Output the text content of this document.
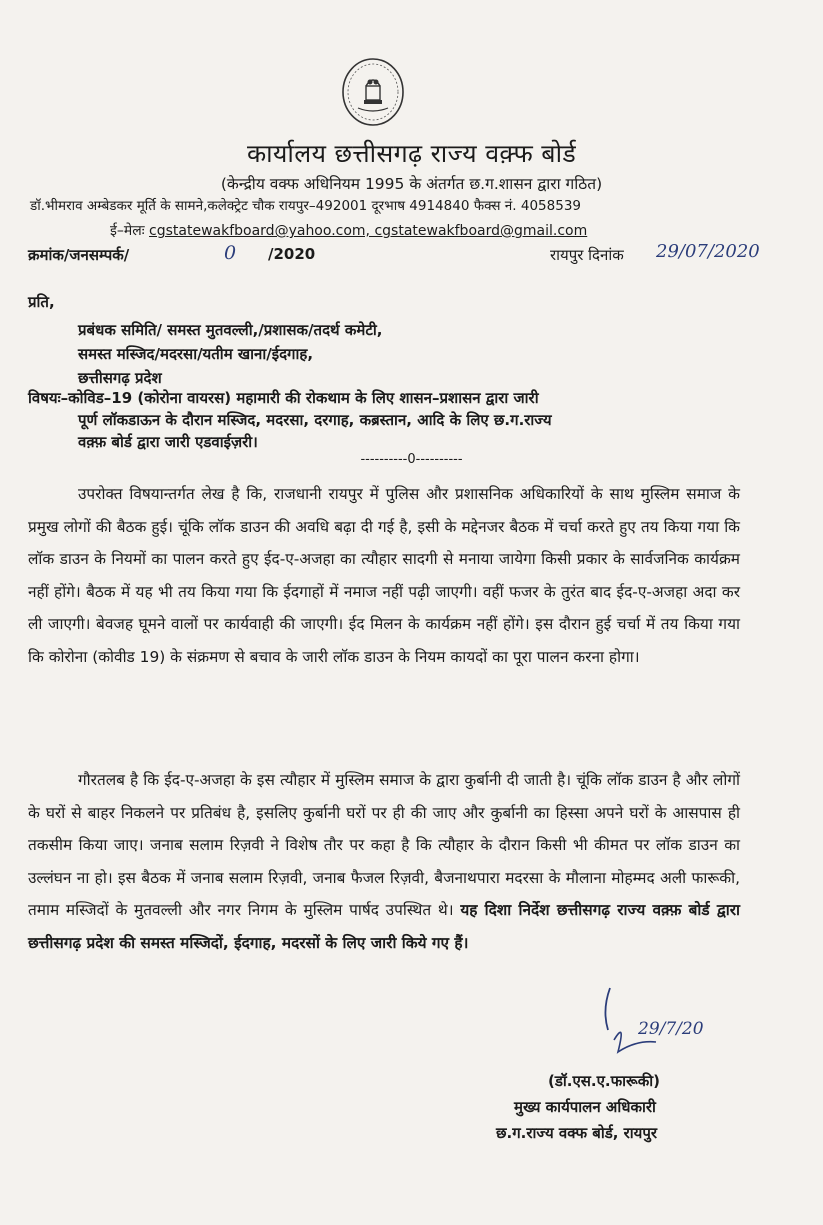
कार्यालय छत्तीसगढ़ राज्य वक़्फ बोर्ड
(केन्द्रीय वक्फ अधिनियम 1995 के अंतर्गत छ.ग.शासन द्वारा गठित)
डॉ.भीमराव अम्बेडकर मूर्ति के सामने,कलेक्ट्रेट चौक रायपुर–492001 दूरभाष 4914840 फैक्स नं. 4058539
ई–मेलः cgstatewakfboard@yahoo.com, cgstatewakfboard@gmail.com
क्रमांक/जनसम्पर्क/	0 /2020	रायपुर दिनांक 29/07/2020
प्रति,
प्रबंधक समिति/ समस्त मुतवल्ली,/प्रशासक/तदर्थ कमेटी,
समस्त मस्जिद/मदरसा/यतीम खाना/ईदगाह,
छत्तीसगढ़ प्रदेश
विषयः–कोविड–19 (कोरोना वायरस) महामारी की रोकथाम के लिए शासन–प्रशासन द्वारा जारी
पूर्ण लॉकडाऊन के दौरान मस्जिद, मदरसा, दरगाह, कब्रस्तान, आदि के लिए छ.ग.राज्य
वक़्फ़ बोर्ड द्वारा जारी एडवाईज़री।
----------0----------
उपरोक्त विषयान्तर्गत लेख है कि, राजधानी रायपुर में पुलिस और प्रशासनिक अधिकारियों के साथ मुस्लिम समाज के प्रमुख लोगों की बैठक हुई। चूंकि लॉक डाउन की अवधि बढ़ा दी गई है, इसी के मद्देनजर बैठक में चर्चा करते हुए तय किया गया कि लॉक डाउन के नियमों का पालन करते हुए ईद-ए-अजहा का त्यौहार सादगी से मनाया जायेगा किसी प्रकार के सार्वजनिक कार्यक्रम नहीं होंगे। बैठक में यह भी तय किया गया कि ईदगाहों में नमाज नहीं पढ़ी जाएगी। वहीं फजर के तुरंत बाद ईद-ए-अजहा अदा कर ली जाएगी। बेवजह घूमने वालों पर कार्यवाही की जाएगी। ईद मिलन के कार्यक्रम नहीं होंगे। इस दौरान हुई चर्चा में तय किया गया कि कोरोना (कोवीड 19) के संक्रमण से बचाव के जारी लॉक डाउन के नियम कायदों का पूरा पालन करना होगा।
गौरतलब है कि ईद-ए-अजहा के इस त्यौहार में मुस्लिम समाज के द्वारा कुर्बानी दी जाती है। चूंकि लॉक डाउन है और लोगों के घरों से बाहर निकलने पर प्रतिबंध है, इसलिए कुर्बानी घरों पर ही की जाए और कुर्बानी का हिस्सा अपने घरों के आसपास ही तकसीम किया जाए। जनाब सलाम रिज़वी ने विशेष तौर पर कहा है कि त्यौहार के दौरान किसी भी कीमत पर लॉक डाउन का उल्लंघन ना हो। इस बैठक में जनाब सलाम रिज़वी, जनाब फैजल रिज़वी, बैजनाथपारा मदरसा के मौलाना मोहम्मद अली फारूकी, तमाम मस्जिदों के मुतवल्ली और नगर निगम के मुस्लिम पार्षद उपस्थित थे। यह दिशा निर्देश छत्तीसगढ़ राज्य वक़्फ़ बोर्ड द्वारा छत्तीसगढ़ प्रदेश की समस्त मस्जिदों, ईदगाह, मदरसों के लिए जारी किये गए हैं।
29/7/20
(डॉ.एस.ए.फारूकी)
मुख्य कार्यपालन अधिकारी
छ.ग.राज्य वक्फ बोर्ड, रायपुर
